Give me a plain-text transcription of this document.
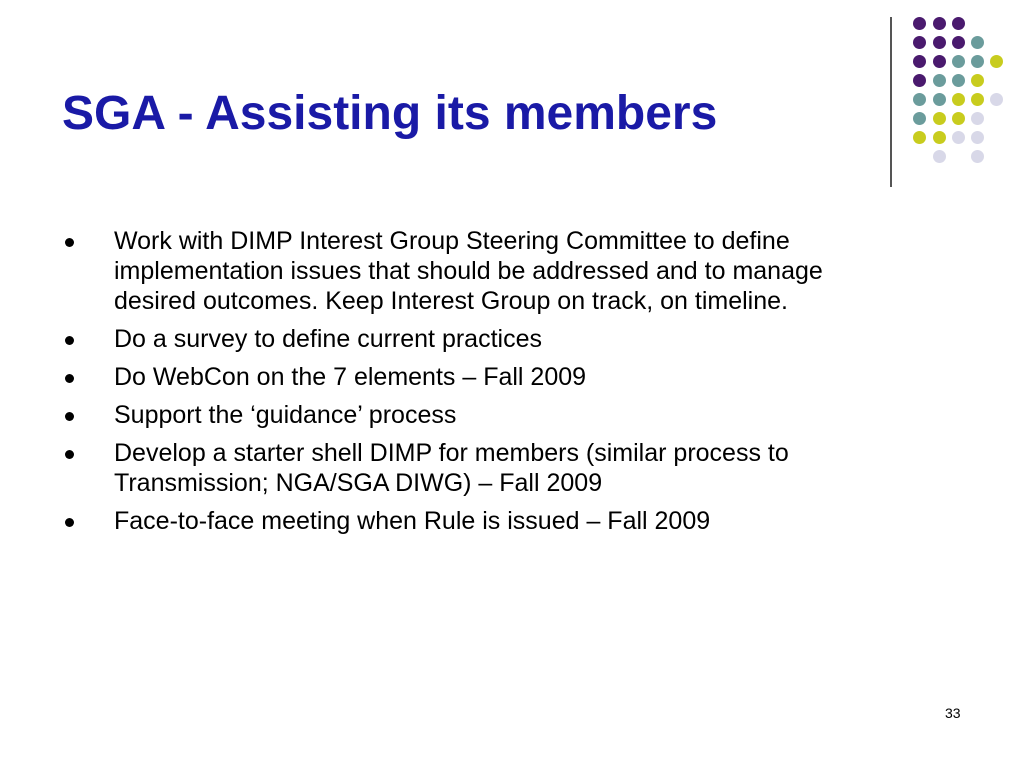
SGA - Assisting its members
Work with DIMP Interest Group Steering Committee to define implementation issues that should be addressed and to manage desired outcomes. Keep Interest Group on track, on timeline.
Do a survey to define current practices
Do WebCon on the 7 elements – Fall 2009
Support the ‘guidance’ process
Develop a starter shell DIMP for members (similar process to Transmission; NGA/SGA DIWG) – Fall 2009
Face-to-face meeting when Rule is issued – Fall 2009
33
